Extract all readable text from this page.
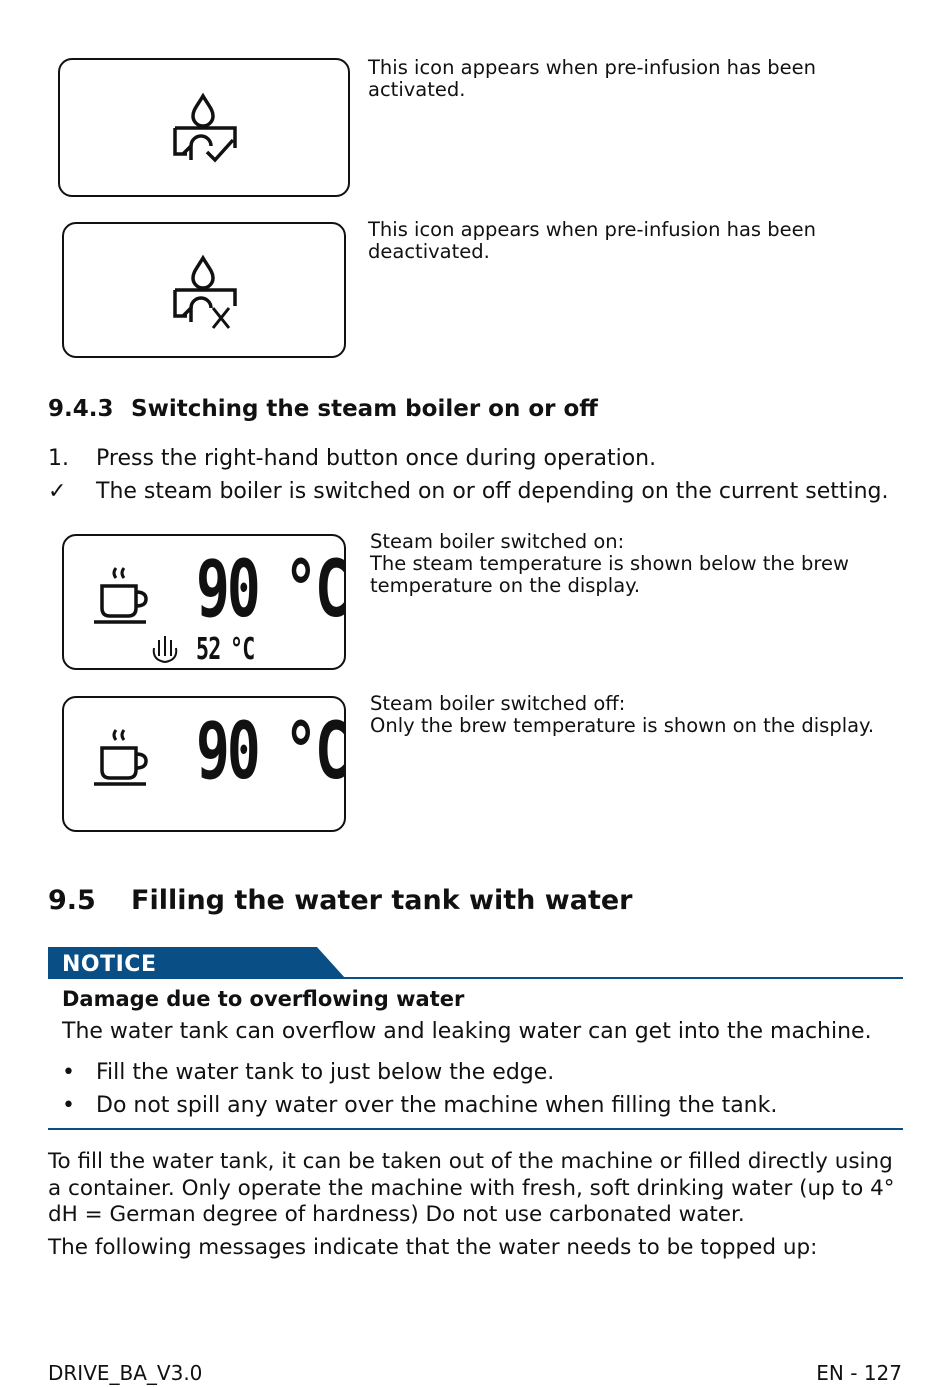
This icon appears when pre-infusion has been activated.
This icon appears when pre-infusion has been deactivated.
9.4.3 Switching the steam boiler on or off
1. Press the right-hand button once during operation.
✓ The steam boiler is switched on or off depending on the current setting.
90 °C
52 °C
Steam boiler switched on:
The steam temperature is shown below the brew temperature on the display.
90 °C
Steam boiler switched off:
Only the brew temperature is shown on the display.
9.5 Filling the water tank with water
NOTICE
Damage due to overflowing water
The water tank can overflow and leaking water can get into the machine.
• Fill the water tank to just below the edge.
• Do not spill any water over the machine when filling the tank.
To fill the water tank, it can be taken out of the machine or filled directly using a container. Only operate the machine with fresh, soft drinking water (up to 4° dH = German degree of hardness) Do not use carbonated water.
The following messages indicate that the water needs to be topped up:
DRIVE_BA_V3.0	EN - 127
